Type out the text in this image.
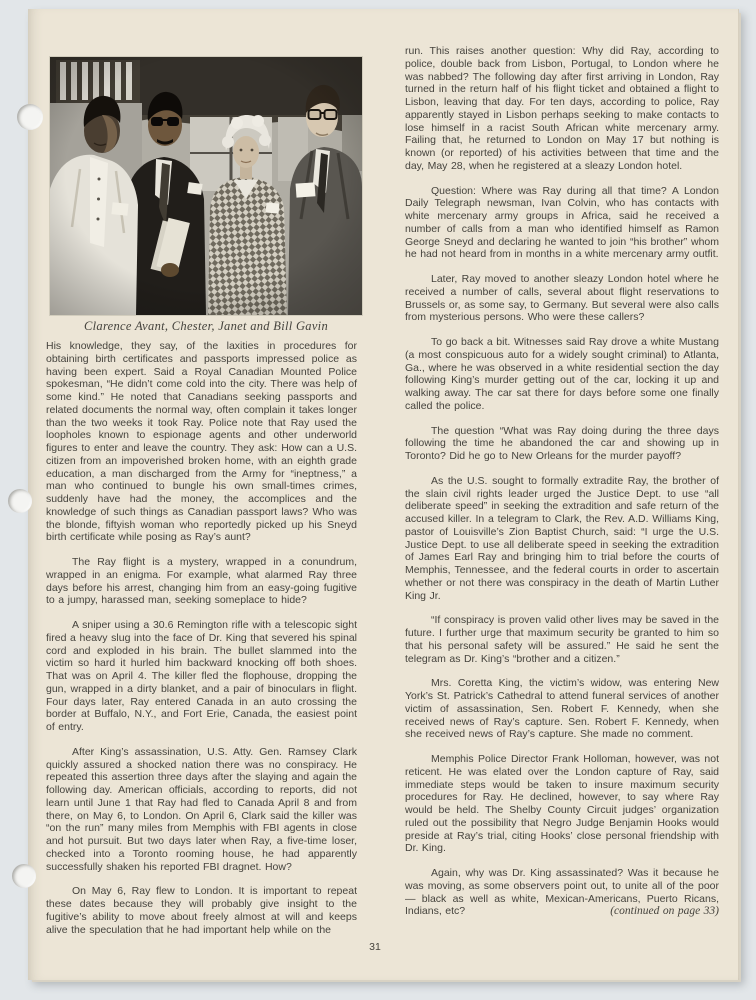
Clarence Avant, Chester, Janet and Bill Gavin

His knowledge, they say, of the laxities in procedures for obtaining birth certificates and passports impressed police as having been expert. Said a Royal Canadian Mounted Police spokesman, “He didn’t come cold into the city. There was help of some kind.” He noted that Canadians seeking passports and related documents the normal way, often complain it takes longer than the two weeks it took Ray. Police note that Ray used the loopholes known to espionage agents and other underworld figures to enter and leave the country. They ask: How can a U.S. citizen from an impoverished broken home, with an eighth grade education, a man discharged from the Army for “ineptness,” a man who continued to bungle his own small-times crimes, suddenly have had the money, the accomplices and the knowledge of such things as Canadian passport laws? Who was the blonde, fiftyish woman who reportedly picked up his Sneyd birth certificate while posing as Ray’s aunt?

The Ray flight is a mystery, wrapped in a conundrum, wrapped in an enigma. For example, what alarmed Ray three days before his arrest, changing him from an easy-going fugitive to a jumpy, harassed man, seeking someplace to hide?

A sniper using a 30.6 Remington rifle with a telescopic sight fired a heavy slug into the face of Dr. King that severed his spinal cord and exploded in his brain. The bullet slammed into the victim so hard it hurled him backward knocking off both shoes. That was on April 4. The killer fled the flophouse, dropping the gun, wrapped in a dirty blanket, and a pair of binoculars in flight. Four days later, Ray entered Canada in an auto crossing the border at Buffalo, N.Y., and Fort Erie, Canada, the easiest point of entry.

After King’s assassination, U.S. Atty. Gen. Ramsey Clark quickly assured a shocked nation there was no conspiracy. He repeated this assertion three days after the slaying and again the following day. American officials, according to reports, did not learn until June 1 that Ray had fled to Canada April 8 and from there, on May 6, to London. On April 6, Clark said the killer was “on the run” many miles from Memphis with FBI agents in close and hot pursuit. But two days later when Ray, a five-time loser, checked into a Toronto rooming house, he had apparently successfully shaken his reported FBI dragnet. How?

On May 6, Ray flew to London. It is important to repeat these dates because they will probably give insight to the fugitive’s ability to move about freely almost at will and keeps alive the speculation that he had important help while on the

run. This raises another question: Why did Ray, according to police, double back from Lisbon, Portugal, to London where he was nabbed? The following day after first arriving in London, Ray turned in the return half of his flight ticket and obtained a flight to Lisbon, leaving that day. For ten days, according to police, Ray apparently stayed in Lisbon perhaps seeking to make contacts to lose himself in a racist South African white mercenary army. Failing that, he returned to London on May 17 but nothing is known (or reported) of his activities between that time and the day, May 28, when he registered at a sleazy London hotel.

Question: Where was Ray during all that time? A London Daily Telegraph newsman, Ivan Colvin, who has contacts with white mercenary army groups in Africa, said he received a number of calls from a man who identified himself as Ramon George Sneyd and declaring he wanted to join “his brother” whom he had not heard from in months in a white mercenary army outfit.

Later, Ray moved to another sleazy London hotel where he received a number of calls, several about flight reservations to Brussels or, as some say, to Germany. But several were also calls from mysterious persons. Who were these callers?

To go back a bit. Witnesses said Ray drove a white Mustang (a most conspicuous auto for a widely sought criminal) to Atlanta, Ga., where he was observed in a white residential section the day following King’s murder getting out of the car, locking it up and walking away. The car sat there for days before some one finally called the police.

The question “What was Ray doing during the three days following the time he abandoned the car and showing up in Toronto? Did he go to New Orleans for the murder payoff?

As the U.S. sought to formally extradite Ray, the brother of the slain civil rights leader urged the Justice Dept. to use “all deliberate speed” in seeking the extradition and safe return of the accused killer. In a telegram to Clark, the Rev. A.D. Williams King, pastor of Louisville’s Zion Baptist Church, said: “I urge the U.S. Justice Dept. to use all deliberate speed in seeking the extradition of James Earl Ray and bringing him to trial before the courts of Memphis, Tennessee, and the federal courts in order to ascertain whether or not there was conspiracy in the death of Martin Luther King Jr.

“If conspiracy is proven valid other lives may be saved in the future. I further urge that maximum security be granted to him so that his personal safety will be assured.” He said he sent the telegram as Dr. King’s “brother and a citizen.”

Mrs. Coretta King, the victim’s widow, was entering New York’s St. Patrick’s Cathedral to attend funeral services of another victim of assassination, Sen. Robert F. Kennedy, when she received news of Ray’s capture. Sen. Robert F. Kennedy, when she received news of Ray’s capture. She made no comment.

Memphis Police Director Frank Holloman, however, was not reticent. He was elated over the London capture of Ray, said immediate steps would be taken to insure maximum security procedures for Ray. He declined, however, to say where Ray would be held. The Shelby County Circuit judges’ organization ruled out the possibility that Negro Judge Benjamin Hooks would preside at Ray’s trial, citing Hooks’ close personal friendship with Dr. King.

Again, why was Dr. King assassinated? Was it because he was moving, as some observers point out, to unite all of the poor — black as well as white, Mexican-Americans, Puerto Ricans, Indians, etc?	(continued on page 33)

31
